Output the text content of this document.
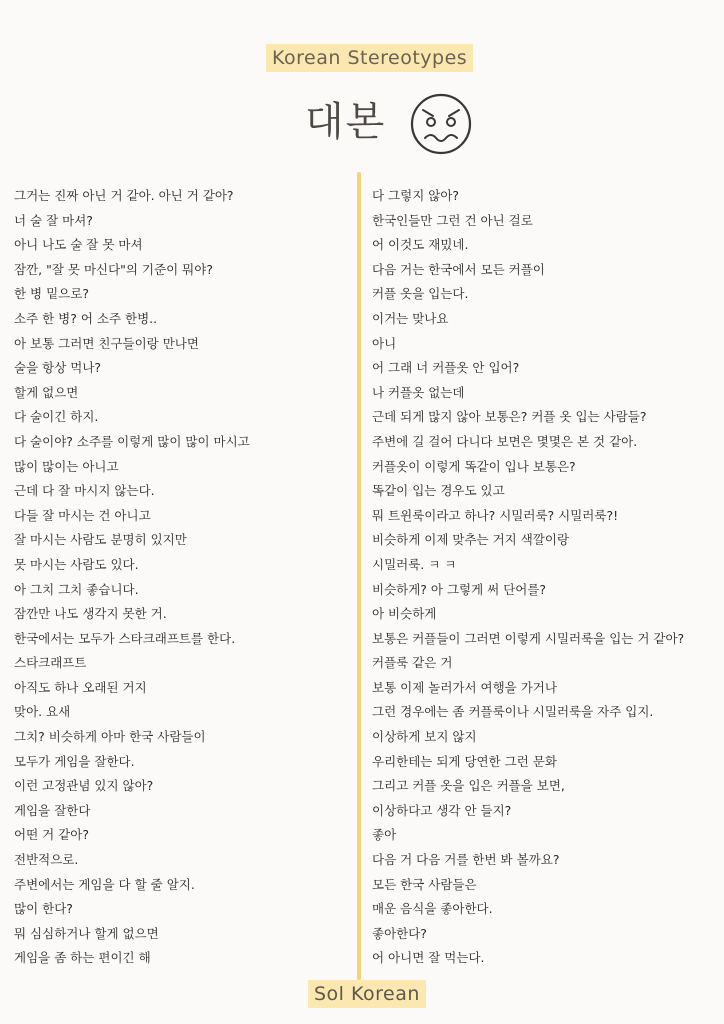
Korean Stereotypes
대본
그거는 진짜 아닌 거 같아. 아닌 거 같아?
너 술 잘 마셔?
아니 나도 술 잘 못 마셔
잠깐, "잘 못 마신다"의 기준이 뭐야?
한 병 밑으로?
소주 한 병? 어 소주 한병..
아 보통 그러면 친구들이랑 만나면
술을 항상 먹나?
할게 없으면
다 술이긴 하지.
다 술이야? 소주를 이렇게 많이 많이 마시고
많이 많이는 아니고
근데 다 잘 마시지 않는다.
다들 잘 마시는 건 아니고
잘 마시는 사람도 분명히 있지만
못 마시는 사람도 있다.
아 그치 그치 좋습니다.
잠깐만 나도 생각지 못한 거.
한국에서는 모두가 스타크래프트를 한다.
스타크래프트
아직도 하나 오래된 거지
맞아. 요새
그치? 비슷하게 아마 한국 사람들이
모두가 게임을 잘한다.
이런 고정관념 있지 않아?
게임을 잘한다
어떤 거 같아?
전반적으로.
주변에서는 게임을 다 할 줄 알지.
많이 한다?
뭐 심심하거나 할게 없으면
게임을 좀 하는 편이긴 해
다 그렇지 않아?
한국인들만 그런 건 아닌 걸로
어 이것도 재밌네.
다음 거는 한국에서 모든 커플이
커플 옷을 입는다.
이거는 맞나요
아니
어 그래 너 커플옷 안 입어?
나 커플옷 없는데
근데 되게 많지 않아 보통은? 커플 옷 입는 사람들?
주변에 길 걸어 다니다 보면은 몇몇은 본 것 같아.
커플옷이 이렇게 똑같이 입나 보통은?
똑같이 입는 경우도 있고
뭐 트윈룩이라고 하나? 시밀러룩? 시밀러룩?!
비슷하게 이제 맞추는 거지 색깔이랑
시밀러룩. ㅋ ㅋ
비슷하게? 아 그렇게 써 단어를?
아 비슷하게
보통은 커플들이 그러면 이렇게 시밀러룩을 입는 거 같아?
커플룩 같은 거
보통 이제 놀러가서 여행을 가거나
그런 경우에는 좀 커플룩이나 시밀러룩을 자주 입지.
이상하게 보지 않지
우리한테는 되게 당연한 그런 문화
그리고 커플 옷을 입은 커플을 보면,
이상하다고 생각 안 들지?
좋아
다음 거 다음 거를 한번 봐 볼까요?
모든 한국 사람들은
매운 음식을 좋아한다.
좋아한다?
어 아니면 잘 먹는다.
Sol Korean
